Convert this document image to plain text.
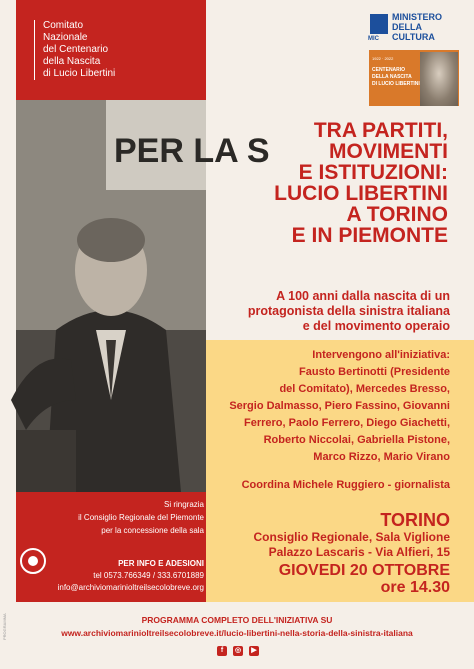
Comitato
Nazionale
del Centenario
della Nascita
di Lucio Libertini
PER LA S
Si ringrazia
il Consiglio Regionale del Piemonte
per la concessione della sala
PER INFO E ADESIONI
tel 0573.766349 / 333.6701889
info@archiviomarinioltreilsecolobreve.org
MIC
MINISTERO
DELLA
CULTURA
1922 · 2022
CENTENARIO
DELLA NASCITA
DI LUCIO LIBERTINI
TRA PARTITI,
MOVIMENTI
E ISTITUZIONI:
LUCIO LIBERTINI
A TORINO
E IN PIEMONTE
A 100 anni dalla nascita di un
protagonista della sinistra italiana
e del movimento operaio
Intervengono all'iniziativa:
Fausto Bertinotti (Presidente
del Comitato), Mercedes Bresso,
Sergio Dalmasso, Piero Fassino, Giovanni
Ferrero, Paolo Ferrero, Diego Giachetti,
Roberto Niccolai, Gabriella Pistone,
Marco Rizzo, Mario Virano
Coordina Michele Ruggiero - giornalista
TORINO
Consiglio Regionale, Sala Viglione
Palazzo Lascaris - Via Alfieri, 15
GIOVEDI 20 OTTOBRE
ore 14.30
PROGRAMMA	PROGRAMMA COMPLETO DELL'INIZIATIVA SU
www.archiviomarinioltreilsecolobreve.it/lucio-libertini-nella-storia-della-sinistra-italiana
f	◎	▶
